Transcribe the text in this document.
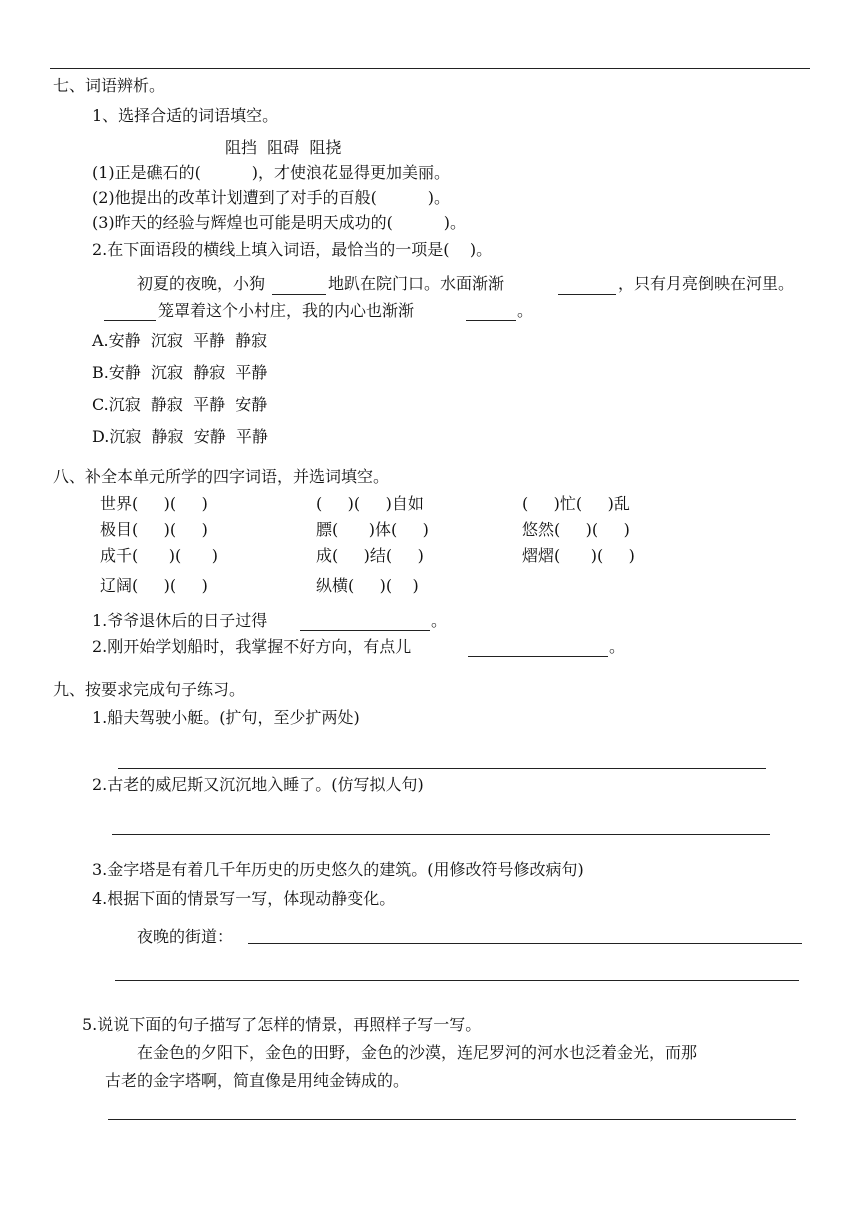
七、词语辨析。
1、选择合适的词语填空。
阻挡  阻碍  阻挠
(1)正是礁石的(          )，才使浪花显得更加美丽。
(2)他提出的改革计划遭到了对手的百般(          )。
(3)昨天的经验与辉煌也可能是明天成功的(          )。
2.在下面语段的横线上填入词语，最恰当的一项是(    )。
初夏的夜晚，小狗	地趴在院门口。水面渐渐	，只有月亮倒映在河里。
笼罩着这个小村庄，我的内心也渐渐	。
A.安静  沉寂  平静  静寂
B.安静  沉寂  静寂  平静
C.沉寂  静寂  平静  安静
D.沉寂  静寂  安静  平静
八、补全本单元所学的四字词语，并选词填空。
世界(     )(     )	(     )(     )自如	(     )忙(     )乱
极目(     )(     )	膘(      )体(     )	悠然(     )(     )
成千(      )(      )	成(     )结(     )	熠熠(      )(     )
辽阔(     )(     )	纵横(     )(    )
1.爷爷退休后的日子过得	。
2.刚开始学划船时，我掌握不好方向，有点儿	。
九、按要求完成句子练习。
1.船夫驾驶小艇。(扩句，至少扩两处)
2.古老的威尼斯又沉沉地入睡了。(仿写拟人句)
3.金字塔是有着几千年历史的历史悠久的建筑。(用修改符号修改病句)
4.根据下面的情景写一写，体现动静变化。
夜晚的街道：
5.说说下面的句子描写了怎样的情景，再照样子写一写。
在金色的夕阳下，金色的田野，金色的沙漠，连尼罗河的河水也泛着金光，而那
古老的金字塔啊，简直像是用纯金铸成的。
